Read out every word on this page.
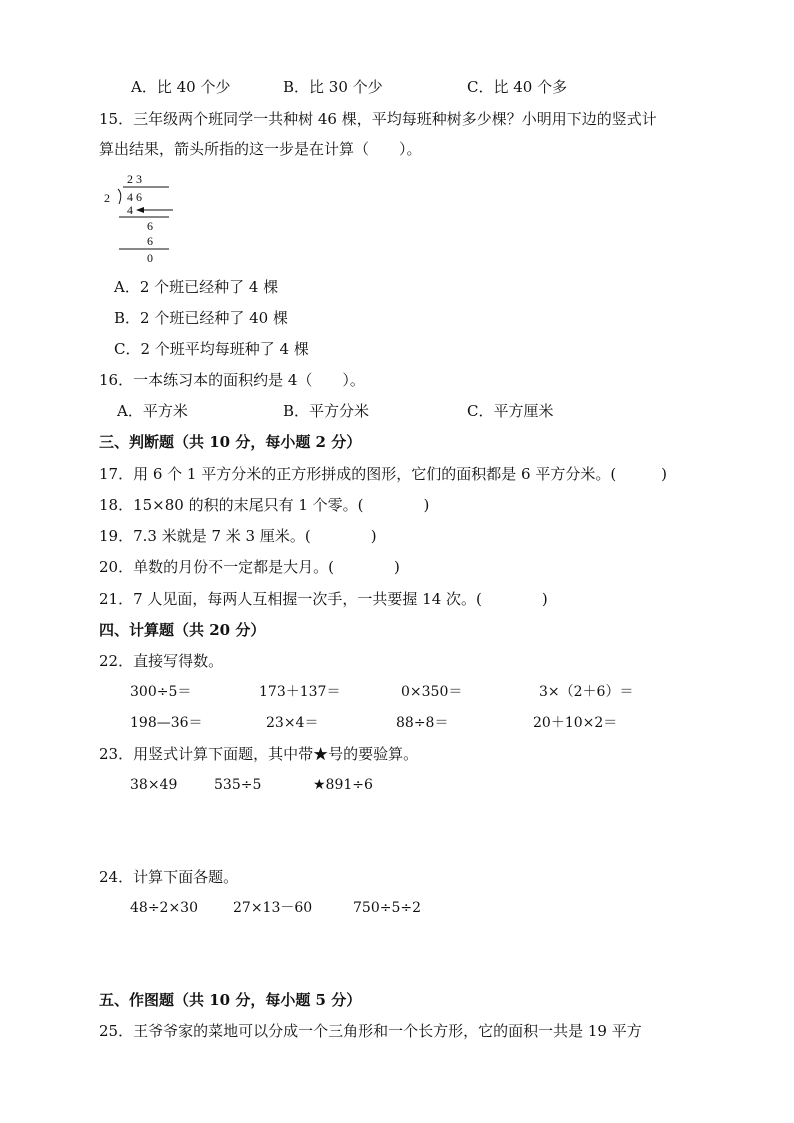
A．比 40 个少	B．比 30 个少	C．比 40 个多
15．三年级两个班同学一共种树 46 棵，平均每班种树多少棵？小明用下边的竖式计
算出结果，箭头所指的这一步是在计算（　　）。
2 3
2 4 6
4
6
6
0
A．2 个班已经种了 4 棵
B．2 个班已经种了 40 棵
C．2 个班平均每班种了 4 棵
16．一本练习本的面积约是 4（　　）。
A．平方米	B．平方分米	C．平方厘米
三、判断题（共 10 分，每小题 2 分）
17．用 6 个 1 平方分米的正方形拼成的图形，它们的面积都是 6 平方分米。(　　　)
18．15×80 的积的末尾只有 1 个零。(　　　　)
19．7.3 米就是 7 米 3 厘米。(　　　　)
20．单数的月份不一定都是大月。(　　　　)
21．7 人见面，每两人互相握一次手，一共要握 14 次。(　　　　)
四、计算题（共 20 分）
22．直接写得数。
300÷5＝	173＋137＝	0×350＝	3×（2＋6）＝
198—36＝	23×4＝	88÷8＝	20＋10×2＝
23．用竖式计算下面题，其中带★号的要验算。
38×49	535÷5	★891÷6
24．计算下面各题。
48÷2×30	27×13－60	750÷5÷2
五、作图题（共 10 分，每小题 5 分）
25．王爷爷家的菜地可以分成一个三角形和一个长方形，它的面积一共是 19 平方
